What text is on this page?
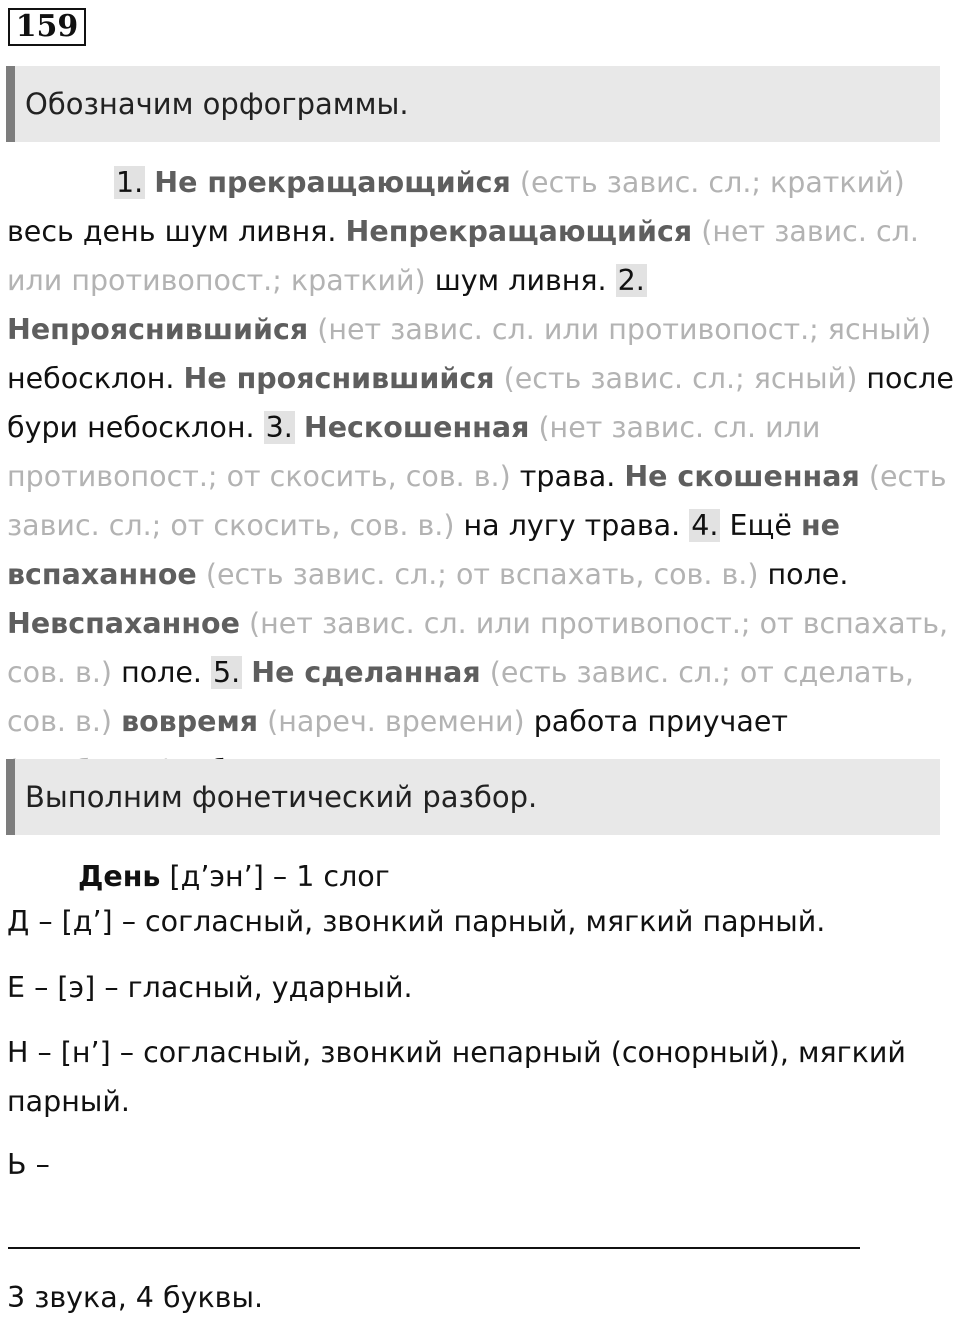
159
Обозначим орфограммы.
1. Не прекращающийся (есть завис. сл.; краткий) весь день шум ливня. Непрекращающийся (нет завис. сл. или противопост.; краткий) шум ливня. 2. Непрояснившийся (нет завис. сл. или противопост.; ясный) небосклон. Не прояснившийся (есть завис. сл.; ясный) после бури небосклон. 3. Нескошенная (нет завис. сл. или противопост.; от скосить, сов. в.) трава. Не скошенная (есть завис. сл.; от скосить, сов. в.) на лугу трава. 4. Ещё не вспаханное (есть завис. сл.; от вспахать, сов. в.) поле. Невспаханное (нет завис. сл. или противопост.; от вспахать, сов. в.) поле. 5. Не сделанная (есть завис. сл.; от сделать, сов. в.) вовремя (нареч. времени) работа приучает
Выполним фонетический разбор.
День [д’эн’] – 1 слог
Д – [д’] – согласный, звонкий парный, мягкий парный.
Е – [э] – гласный, ударный.
Н – [н’] – согласный, звонкий непарный (сонорный), мягкий парный.
Ь –
3 звука, 4 буквы.
